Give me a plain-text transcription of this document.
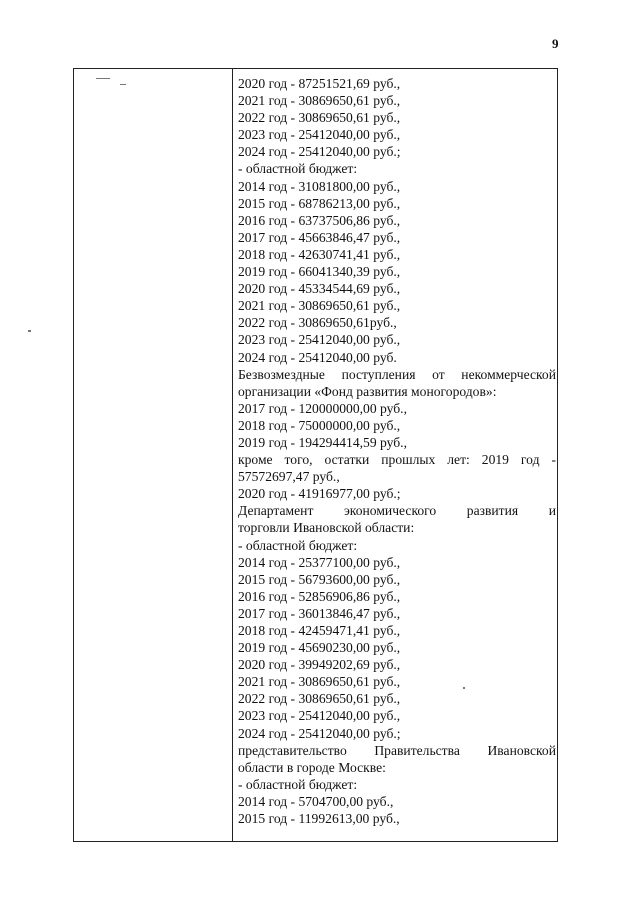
9
2020 год - 87251521,69 руб.,
2021 год - 30869650,61 руб.,
2022 год - 30869650,61 руб.,
2023 год - 25412040,00 руб.,
2024 год - 25412040,00 руб.;
- областной бюджет:
2014 год - 31081800,00 руб.,
2015 год - 68786213,00 руб.,
2016 год - 63737506,86 руб.,
2017 год - 45663846,47 руб.,
2018 год - 42630741,41 руб.,
2019 год - 66041340,39 руб.,
2020 год - 45334544,69 руб.,
2021 год - 30869650,61 руб.,
2022 год - 30869650,61руб.,
2023 год - 25412040,00 руб.,
2024 год - 25412040,00 руб.
Безвозмездные поступления от некоммерческой
организации «Фонд развития моногородов»:
2017 год - 120000000,00 руб.,
2018 год - 75000000,00 руб.,
2019 год - 194294414,59 руб.,
кроме того, остатки прошлых лет: 2019 год -
57572697,47 руб.,
2020 год - 41916977,00 руб.;
Департамент экономического развития и
торговли Ивановской области:
- областной бюджет:
2014 год - 25377100,00 руб.,
2015 год - 56793600,00 руб.,
2016 год - 52856906,86 руб.,
2017 год - 36013846,47 руб.,
2018 год - 42459471,41 руб.,
2019 год - 45690230,00 руб.,
2020 год - 39949202,69 руб.,
2021 год - 30869650,61 руб.,
2022 год - 30869650,61 руб.,
2023 год - 25412040,00 руб.,
2024 год - 25412040,00 руб.;
представительство Правительства Ивановской
области в городе Москве:
- областной бюджет:
2014 год - 5704700,00 руб.,
2015 год - 11992613,00 руб.,
